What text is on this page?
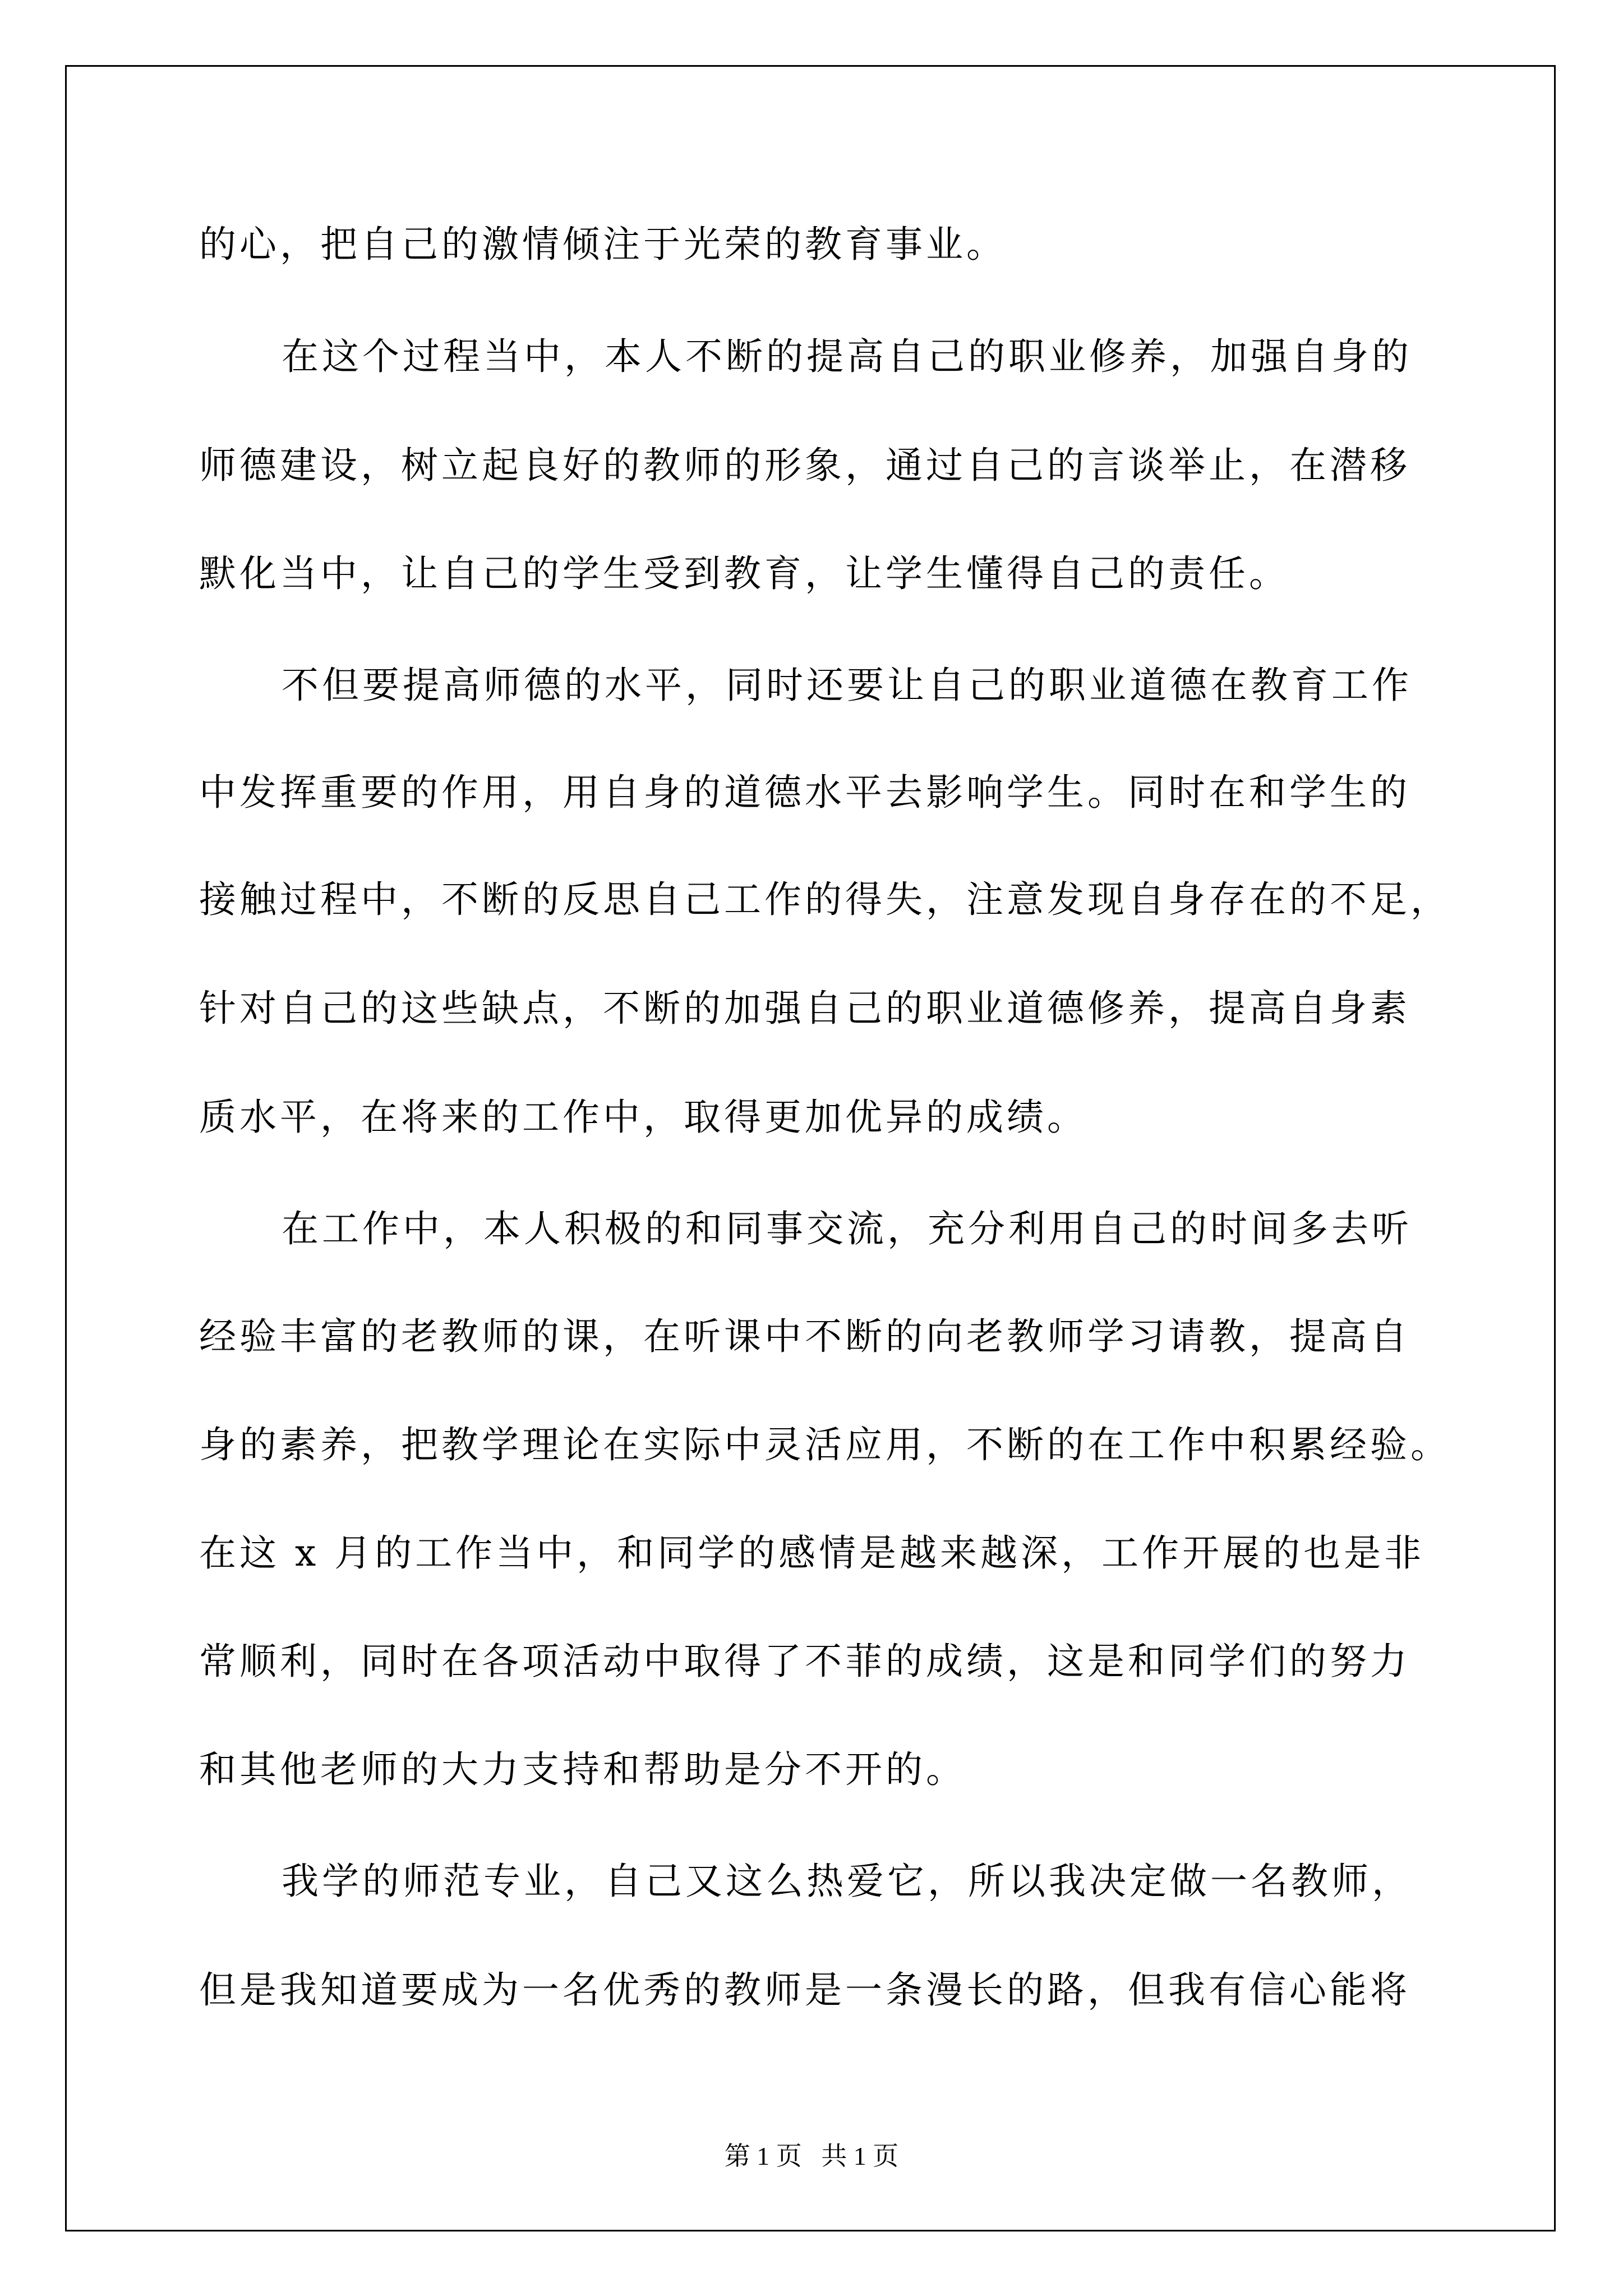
的心，把自己的激情倾注于光荣的教育事业。

在这个过程当中，本人不断的提高自己的职业修养，加强自身的

师德建设，树立起良好的教师的形象，通过自己的言谈举止，在潜移

默化当中，让自己的学生受到教育，让学生懂得自己的责任。

不但要提高师德的水平，同时还要让自己的职业道德在教育工作

中发挥重要的作用，用自身的道德水平去影响学生。同时在和学生的

接触过程中，不断的反思自己工作的得失，注意发现自身存在的不足，

针对自己的这些缺点，不断的加强自己的职业道德修养，提高自身素

质水平，在将来的工作中，取得更加优异的成绩。

在工作中，本人积极的和同事交流，充分利用自己的时间多去听

经验丰富的老教师的课，在听课中不断的向老教师学习请教，提高自

身的素养，把教学理论在实际中灵活应用，不断的在工作中积累经验。

在这 x 月的工作当中，和同学的感情是越来越深，工作开展的也是非

常顺利，同时在各项活动中取得了不菲的成绩，这是和同学们的努力

和其他老师的大力支持和帮助是分不开的。

我学的师范专业，自己又这么热爱它，所以我决定做一名教师，

但是我知道要成为一名优秀的教师是一条漫长的路，但我有信心能将

第 1 页   共 1 页
